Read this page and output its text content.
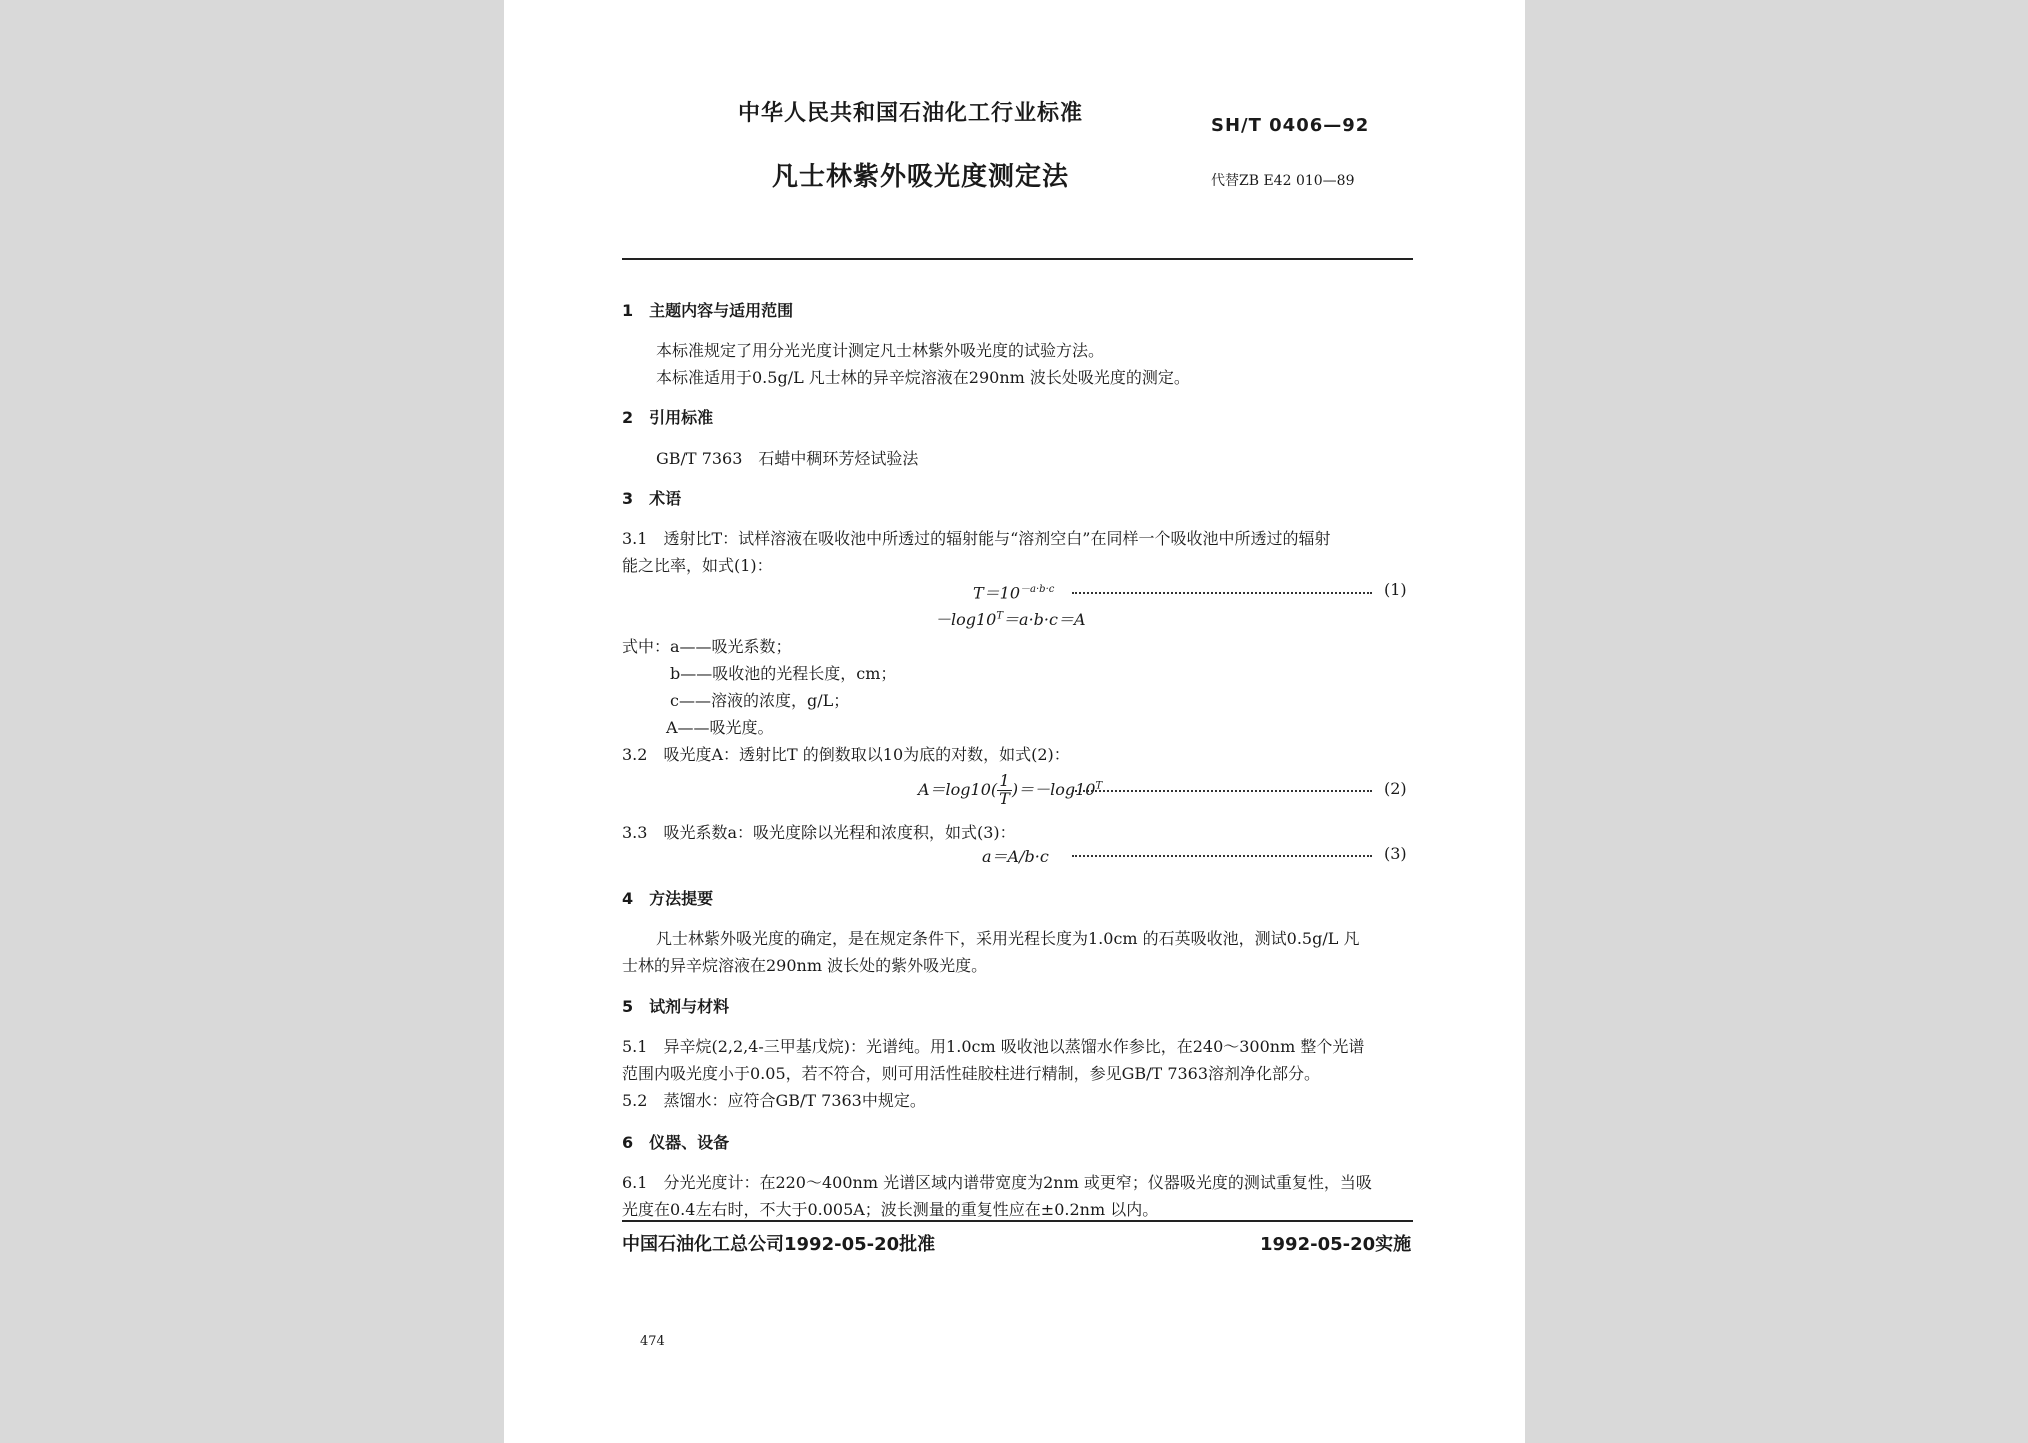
中华人民共和国石油化工行业标准	SH/T 0406—92
凡士林紫外吸光度测定法	代替ZB E42 010—89
1　主题内容与适用范围
本标准规定了用分光光度计测定凡士林紫外吸光度的试验方法。
本标准适用于0.5g/L 凡士林的异辛烷溶液在290nm 波长处吸光度的测定。
2　引用标准
GB/T 7363　石蜡中稠环芳烃试验法
3　术语
3.1　透射比T：试样溶液在吸收池中所透过的辐射能与“溶剂空白”在同样一个吸收池中所透过的辐射
能之比率，如式(1)：
$T=10^{-a\cdot b\cdot c}$	(1)
$-\log 10^T=a\cdot b\cdot c=A$
式中： a——吸光系数；
b——吸收池的光程长度，cm；
c——溶液的浓度，g/L；
A——吸光度。
3.2　吸光度A：透射比T 的倒数取以10为底的对数，如式(2)：
$A=\log 10( \frac{1}{T} )=-\log 10^T$	(2)
3.3　吸光系数a：吸光度除以光程和浓度积，如式(3)：
a＝A/b·c	(3)
4　方法提要
凡士林紫外吸光度的确定，是在规定条件下，采用光程长度为1.0cm 的石英吸收池，测试0.5g/L 凡
士林的异辛烷溶液在290nm 波长处的紫外吸光度。
5　试剂与材料
5.1　异辛烷(2,2,4-三甲基戊烷)：光谱纯。用1.0cm 吸收池以蒸馏水作参比，在240～300nm 整个光谱
范围内吸光度小于0.05，若不符合，则可用活性硅胶柱进行精制，参见GB/T 7363溶剂净化部分。
5.2　蒸馏水：应符合GB/T 7363中规定。
6　仪器、设备
6.1　分光光度计：在220～400nm 光谱区域内谱带宽度为2nm 或更窄；仪器吸光度的测试重复性，当吸
光度在0.4左右时，不大于0.005A；波长测量的重复性应在±0.2nm 以内。
中国石油化工总公司1992-05-20批准	1992-05-20实施
474
